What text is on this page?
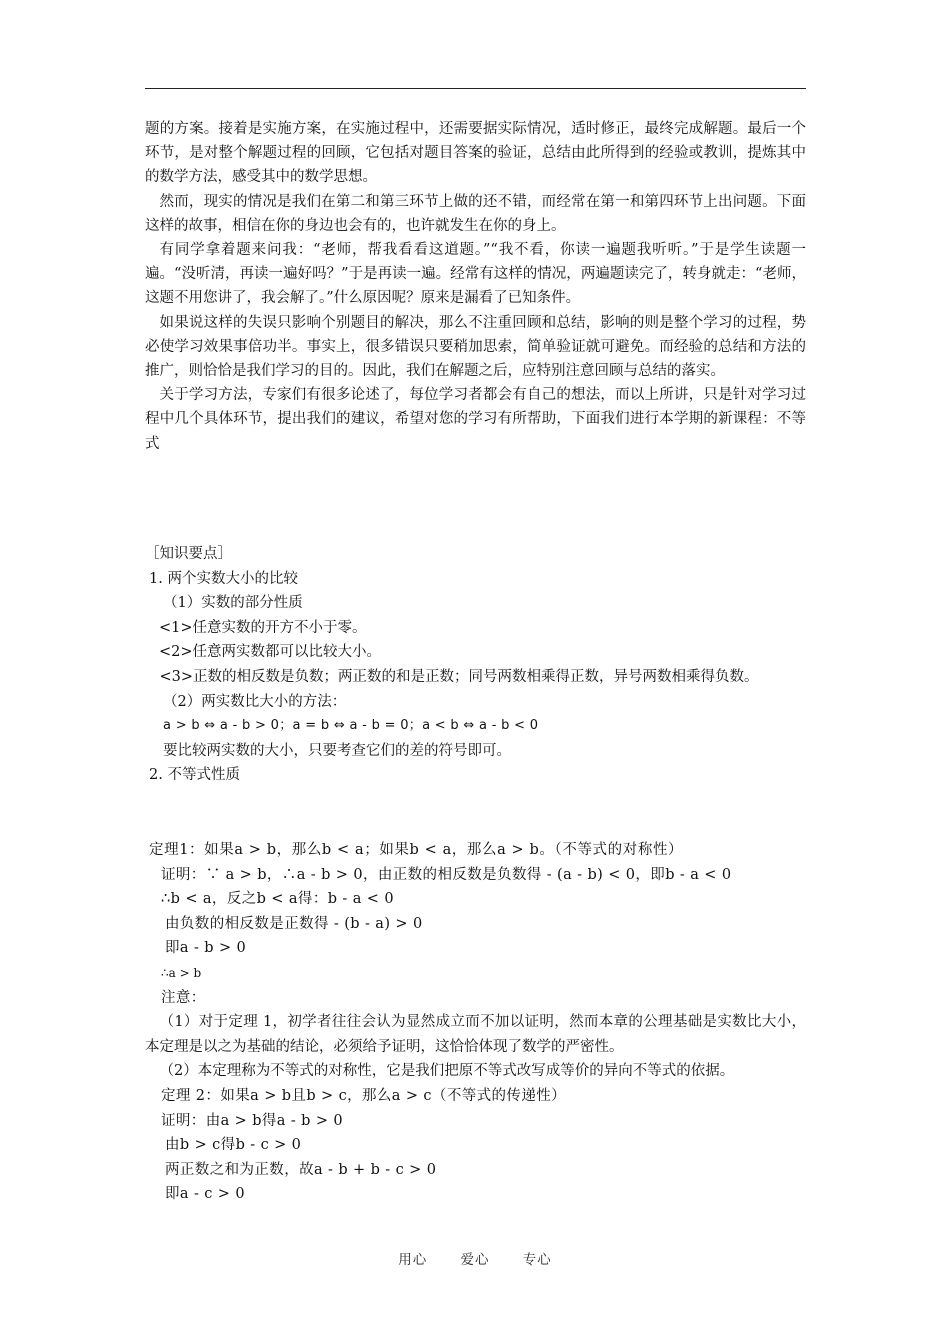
题的方案。接着是实施方案，在实施过程中，还需要据实际情况，适时修正，最终完成解题。最后一个环节，是对整个解题过程的回顾，它包括对题目答案的验证，总结由此所得到的经验或教训，提炼其中的数学方法，感受其中的数学思想。

然而，现实的情况是我们在第二和第三环节上做的还不错，而经常在第一和第四环节上出问题。下面这样的故事，相信在你的身边也会有的，也许就发生在你的身上。

有同学拿着题来问我：“老师，帮我看看这道题。”“我不看，你读一遍题我听听。”于是学生读题一遍。“没听清，再读一遍好吗？”于是再读一遍。经常有这样的情况，两遍题读完了，转身就走：“老师，这题不用您讲了，我会解了。”什么原因呢？原来是漏看了已知条件。

如果说这样的失误只影响个别题目的解决，那么不注重回顾和总结，影响的则是整个学习的过程，势必使学习效果事倍功半。事实上，很多错误只要稍加思索，简单验证就可避免。而经验的总结和方法的推广，则恰恰是我们学习的目的。因此，我们在解题之后，应特别注意回顾与总结的落实。

关于学习方法，专家们有很多论述了，每位学习者都会有自己的想法，而以上所讲，只是针对学习过程中几个具体环节，提出我们的建议，希望对您的学习有所帮助，下面我们进行本学期的新课程：不等式

［知识要点］

1. 两个实数大小的比较

（1）实数的部分性质

<1>任意实数的开方不小于零。

<2>任意两实数都可以比较大小。

<3>正数的相反数是负数；两正数的和是正数；同号两数相乘得正数，异号两数相乘得负数。

（2）两实数比大小的方法：

a > b ⇔ a - b > 0；a = b ⇔ a - b = 0；a < b ⇔ a - b < 0

要比较两实数的大小，只要考查它们的差的符号即可。

2. 不等式性质

定理1：如果a > b，那么b < a；如果b < a，那么a > b。（不等式的对称性）

证明：∵ a > b，∴a - b > 0，由正数的相反数是负数得 - (a - b) < 0，即b - a < 0

∴b < a，反之b < a得：b - a < 0

由负数的相反数是正数得 - (b - a) > 0

即a - b > 0

∴a > b

注意：

（1）对于定理 1，初学者往往会认为显然成立而不加以证明，然而本章的公理基础是实数比大小，本定理是以之为基础的结论，必须给予证明，这恰恰体现了数学的严密性。

（2）本定理称为不等式的对称性，它是我们把原不等式改写成等价的异向不等式的依据。

定理 2：如果a > b且b > c，那么a > c（不等式的传递性）

证明：由a > b得a - b > 0

由b > c得b - c > 0

两正数之和为正数，故a - b + b - c > 0

即a - c > 0

用心 爱心 专心
